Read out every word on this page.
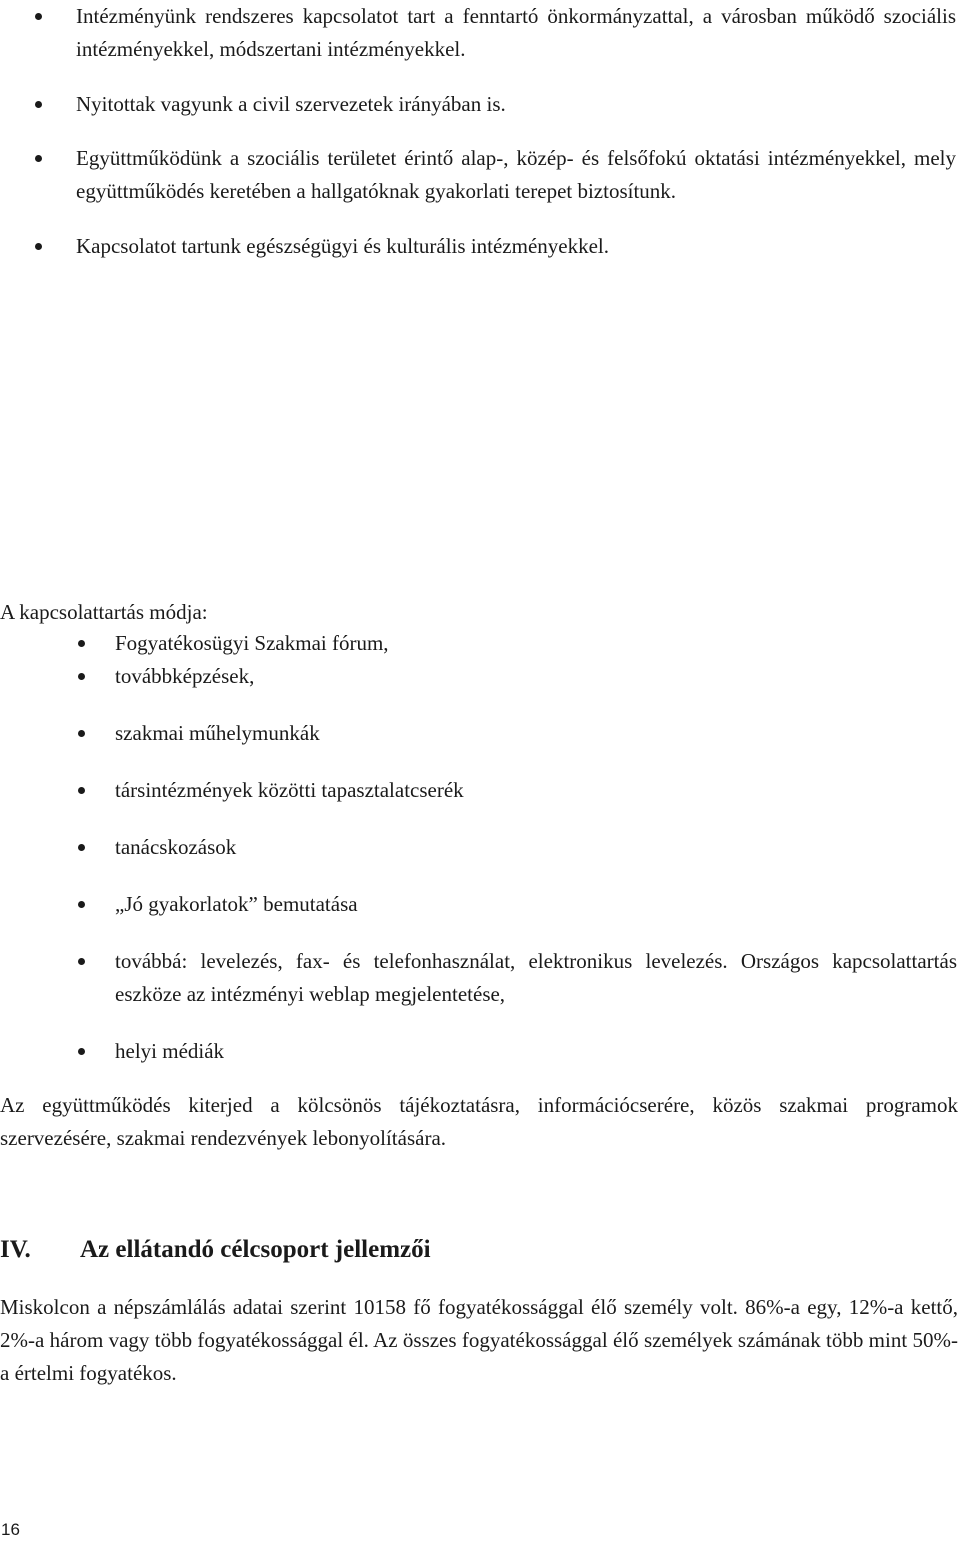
Intézményünk rendszeres kapcsolatot tart a fenntartó önkormányzattal, a városban működő szociális intézményekkel, módszertani intézményekkel.
Nyitottak vagyunk a civil szervezetek irányában is.
Együttműködünk a szociális területet érintő alap-, közép- és felsőfokú oktatási intézményekkel, mely együttműködés keretében a hallgatóknak gyakorlati terepet biztosítunk.
Kapcsolatot tartunk egészségügyi és kulturális intézményekkel.

A kapcsolattartás módja:

Fogyatékosügyi Szakmai fórum,
továbbképzések,
szakmai műhelymunkák
társintézmények közötti tapasztalatcserék
tanácskozások
„Jó gyakorlatok” bemutatása
továbbá: levelezés, fax- és telefonhasználat, elektronikus levelezés. Országos kapcsolattartás eszköze az intézményi weblap megjelentetése,
helyi médiák

Az együttműködés kiterjed a kölcsönös tájékoztatásra, információcserére, közös szakmai programok szervezésére, szakmai rendezvények lebonyolítására.

IV. Az ellátandó célcsoport jellemzői

Miskolcon a népszámlálás adatai szerint 10158 fő fogyatékossággal élő személy volt. 86%-a egy, 12%-a kettő, 2%-a három vagy több fogyatékossággal él. Az összes fogyatékossággal élő személyek számának több mint 50%-a értelmi fogyatékos.

16
